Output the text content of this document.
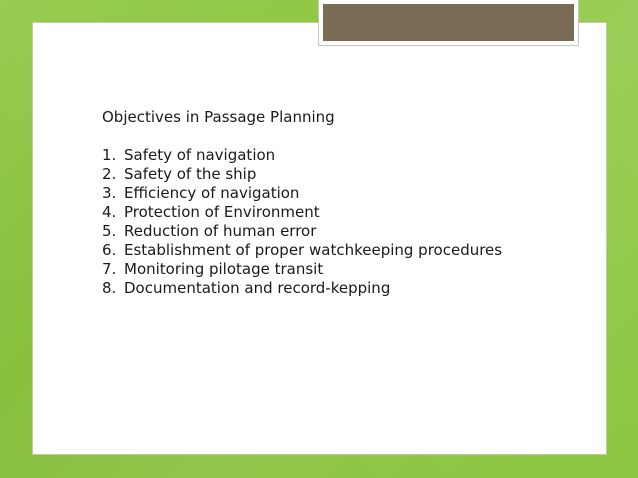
Objectives in Passage Planning

1. Safety of navigation
2. Safety of the ship
3. Efficiency of navigation
4. Protection of Environment
5. Reduction of human error
6. Establishment of proper watchkeeping procedures
7. Monitoring pilotage transit
8. Documentation and record-kepping
